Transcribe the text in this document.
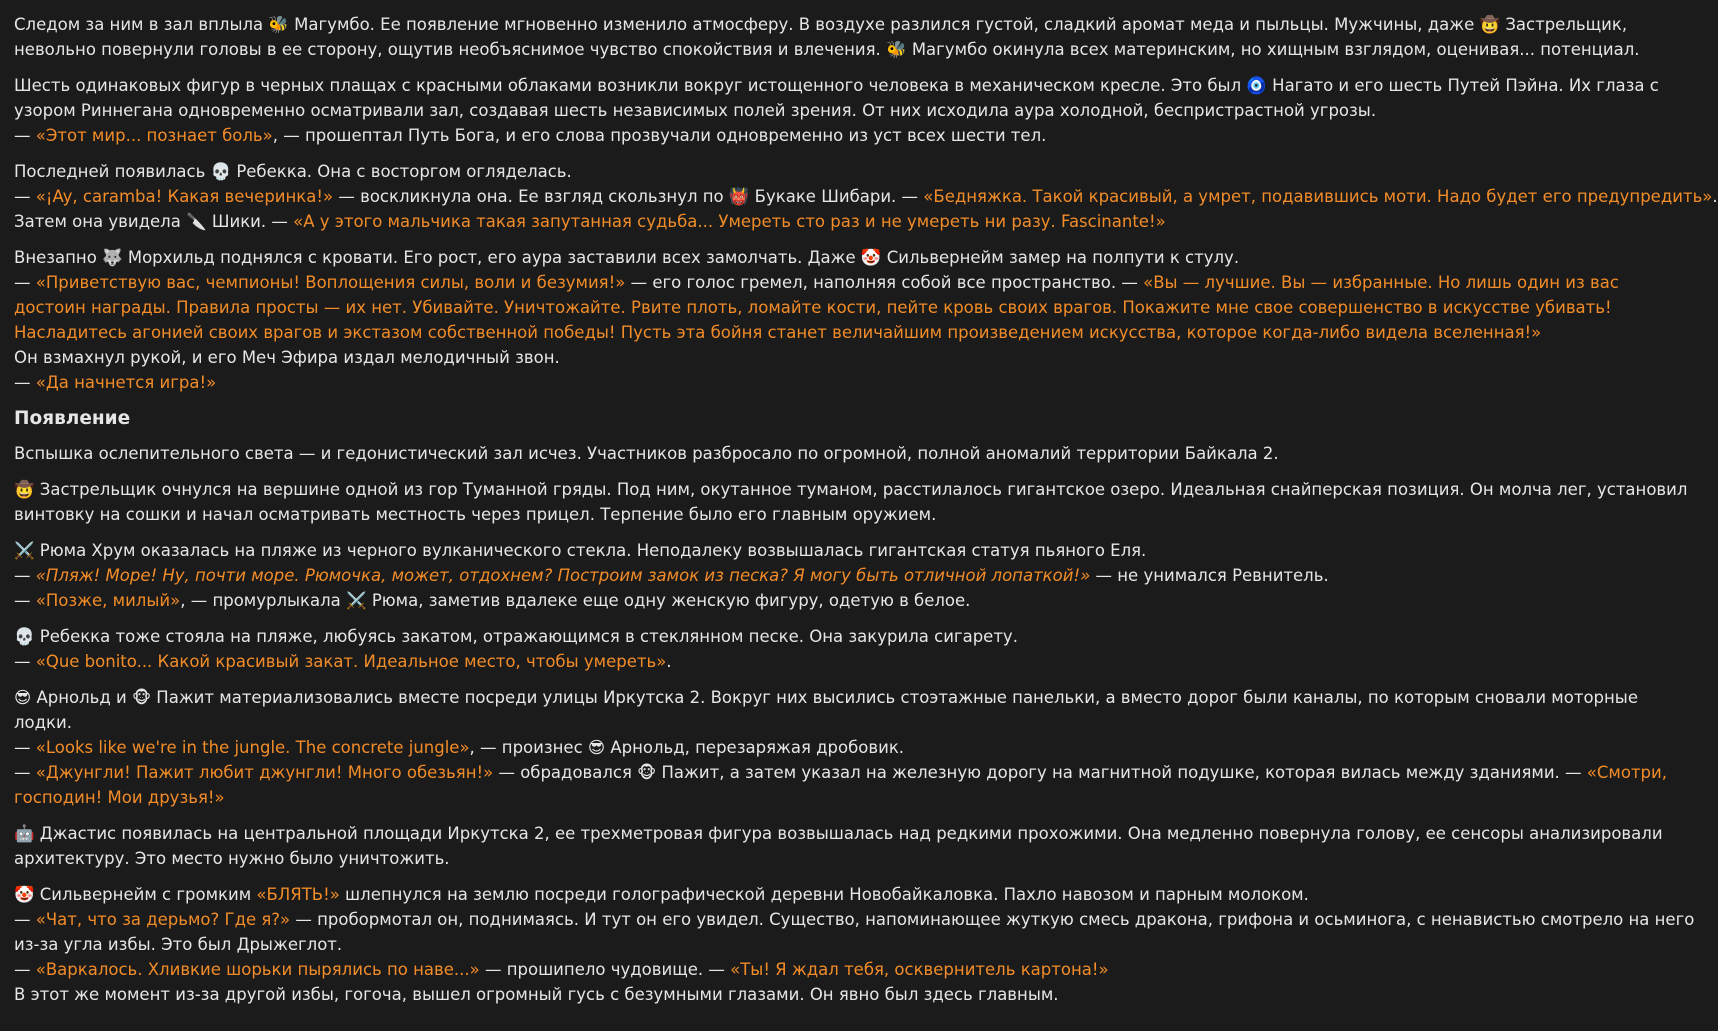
Следом за ним в зал вплыла 🐝 Магумбо. Ее появление мгновенно изменило атмосферу. В воздухе разлился густой, сладкий аромат меда и пыльцы. Мужчины, даже 🤠 Застрельщик,
невольно повернули головы в ее сторону, ощутив необъяснимое чувство спокойствия и влечения. 🐝 Магумбо окинула всех материнским, но хищным взглядом, оценивая... потенциал.
Шесть одинаковых фигур в черных плащах с красными облаками возникли вокруг истощенного человека в механическом кресле. Это был 🧿 Нагато и его шесть Путей Пэйна. Их глаза с
узором Риннегана одновременно осматривали зал, создавая шесть независимых полей зрения. От них исходила аура холодной, беспристрастной угрозы.
— «Этот мир... познает боль», — прошептал Путь Бога, и его слова прозвучали одновременно из уст всех шести тел.
Последней появилась 💀 Ребекка. Она с восторгом огляделась.
— «¡Ay, caramba! Какая вечеринка!» — воскликнула она. Ее взгляд скользнул по 👹 Букаке Шибари. — «Бедняжка. Такой красивый, а умрет, подавившись моти. Надо будет его предупредить».
Затем она увидела 🔪 Шики. — «А у этого мальчика такая запутанная судьба... Умереть сто раз и не умереть ни разу. Fascinante!»
Внезапно 🐺 Морхильд поднялся с кровати. Его рост, его аура заставили всех замолчать. Даже 🤡 Сильвернейм замер на полпути к стулу.
— «Приветствую вас, чемпионы! Воплощения силы, воли и безумия!» — его голос гремел, наполняя собой все пространство. — «Вы — лучшие. Вы — избранные. Но лишь один из вас
достоин награды. Правила просты — их нет. Убивайте. Уничтожайте. Рвите плоть, ломайте кости, пейте кровь своих врагов. Покажите мне свое совершенство в искусстве убивать!
Насладитесь агонией своих врагов и экстазом собственной победы! Пусть эта бойня станет величайшим произведением искусства, которое когда-либо видела вселенная!»
Он взмахнул рукой, и его Меч Эфира издал мелодичный звон.
— «Да начнется игра!»
Появление
Вспышка ослепительного света — и гедонистический зал исчез. Участников разбросало по огромной, полной аномалий территории Байкала 2.
🤠 Застрельщик очнулся на вершине одной из гор Туманной гряды. Под ним, окутанное туманом, расстилалось гигантское озеро. Идеальная снайперская позиция. Он молча лег, установил
винтовку на сошки и начал осматривать местность через прицел. Терпение было его главным оружием.
⚔️ Рюма Хрум оказалась на пляже из черного вулканического стекла. Неподалеку возвышалась гигантская статуя пьяного Еля.
— «Пляж! Море! Ну, почти море. Рюмочка, может, отдохнем? Построим замок из песка? Я могу быть отличной лопаткой!» — не унимался Ревнитель.
— «Позже, милый», — промурлыкала ⚔️ Рюма, заметив вдалеке еще одну женскую фигуру, одетую в белое.
💀 Ребекка тоже стояла на пляже, любуясь закатом, отражающимся в стеклянном песке. Она закурила сигарету.
— «Que bonito... Какой красивый закат. Идеальное место, чтобы умереть».
😎 Арнольд и 🐵 Пажит материализовались вместе посреди улицы Иркутска 2. Вокруг них высились стоэтажные панельки, а вместо дорог были каналы, по которым сновали моторные
лодки.
— «Looks like we're in the jungle. The concrete jungle», — произнес 😎 Арнольд, перезаряжая дробовик.
— «Джунгли! Пажит любит джунгли! Много обезьян!» — обрадовался 🐵 Пажит, а затем указал на железную дорогу на магнитной подушке, которая вилась между зданиями. — «Смотри,
господин! Мои друзья!»
🤖 Джастис появилась на центральной площади Иркутска 2, ее трехметровая фигура возвышалась над редкими прохожими. Она медленно повернула голову, ее сенсоры анализировали
архитектуру. Это место нужно было уничтожить.
🤡 Сильвернейм с громким «БЛЯТЬ!» шлепнулся на землю посреди голографической деревни Новобайкаловка. Пахло навозом и парным молоком.
— «Чат, что за дерьмо? Где я?» — пробормотал он, поднимаясь. И тут он его увидел. Существо, напоминающее жуткую смесь дракона, грифона и осьминога, с ненавистью смотрело на него
из-за угла избы. Это был Дрыжеглот.
— «Варкалось. Хливкие шорьки пырялись по наве...» — прошипело чудовище. — «Ты! Я ждал тебя, осквернитель картона!»
В этот же момент из-за другой избы, гогоча, вышел огромный гусь с безумными глазами. Он явно был здесь главным.
